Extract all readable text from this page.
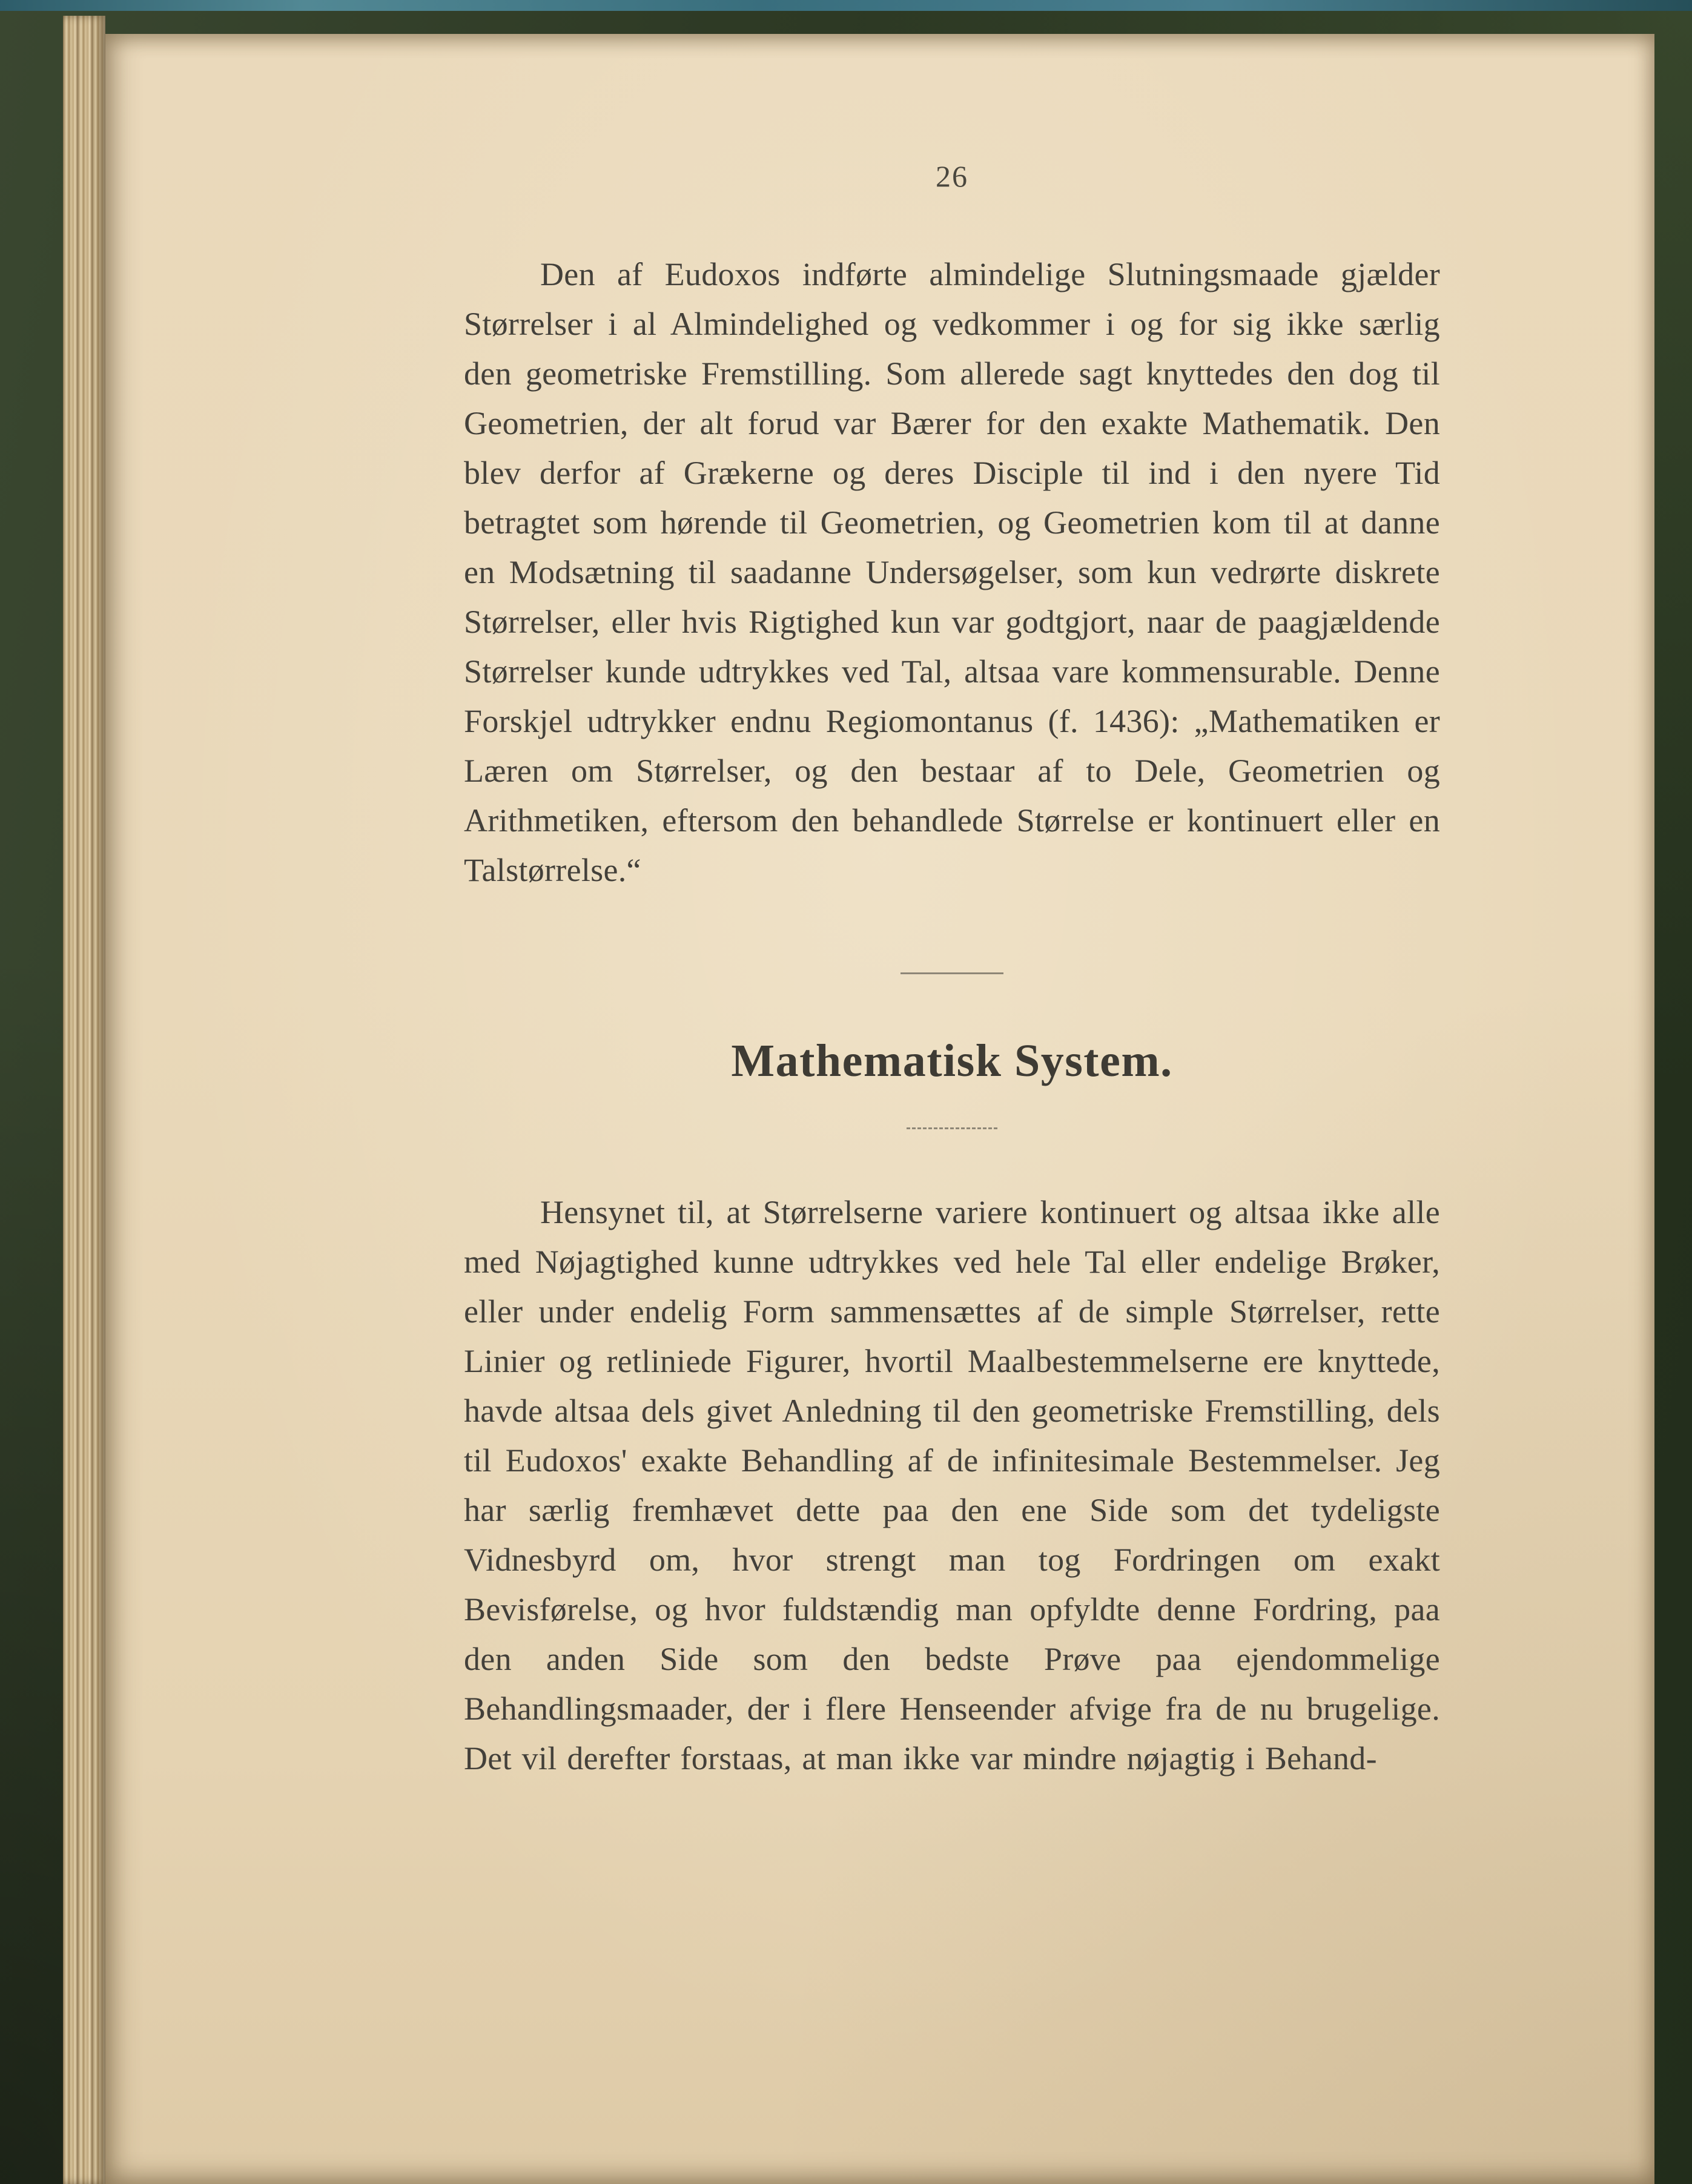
26

Den af Eudoxos indførte almindelige Slutningsmaade gjælder Størrelser i al Almindelighed og vedkommer i og for sig ikke særlig den geometriske Fremstilling. Som allerede sagt knyttedes den dog til Geometrien, der alt forud var Bærer for den exakte Mathematik. Den blev derfor af Grækerne og deres Disciple til ind i den nyere Tid betragtet som hørende til Geometrien, og Geometrien kom til at danne en Modsætning til saadanne Undersøgelser, som kun vedrørte diskrete Størrelser, eller hvis Rigtighed kun var godtgjort, naar de paagjældende Størrelser kunde udtrykkes ved Tal, altsaa vare kommensurable. Denne Forskjel udtrykker endnu Regiomontanus (f. 1436): „Mathematiken er Læren om Størrelser, og den bestaar af to Dele, Geometrien og Arithmetiken, eftersom den behandlede Størrelse er kontinuert eller en Talstørrelse.“

Mathematisk System.

Hensynet til, at Størrelserne variere kontinuert og altsaa ikke alle med Nøjagtighed kunne udtrykkes ved hele Tal eller endelige Brøker, eller under endelig Form sammensættes af de simple Størrelser, rette Linier og retliniede Figurer, hvortil Maalbestemmelserne ere knyttede, havde altsaa dels givet Anledning til den geometriske Fremstilling, dels til Eudoxos' exakte Behandling af de infinitesimale Bestemmelser. Jeg har særlig fremhævet dette paa den ene Side som det tydeligste Vidnesbyrd om, hvor strengt man tog Fordringen om exakt Bevisførelse, og hvor fuldstændig man opfyldte denne Fordring, paa den anden Side som den bedste Prøve paa ejendommelige Behandlingsmaader, der i flere Henseender afvige fra de nu brugelige. Det vil derefter forstaas, at man ikke var mindre nøjagtig i Behand-
